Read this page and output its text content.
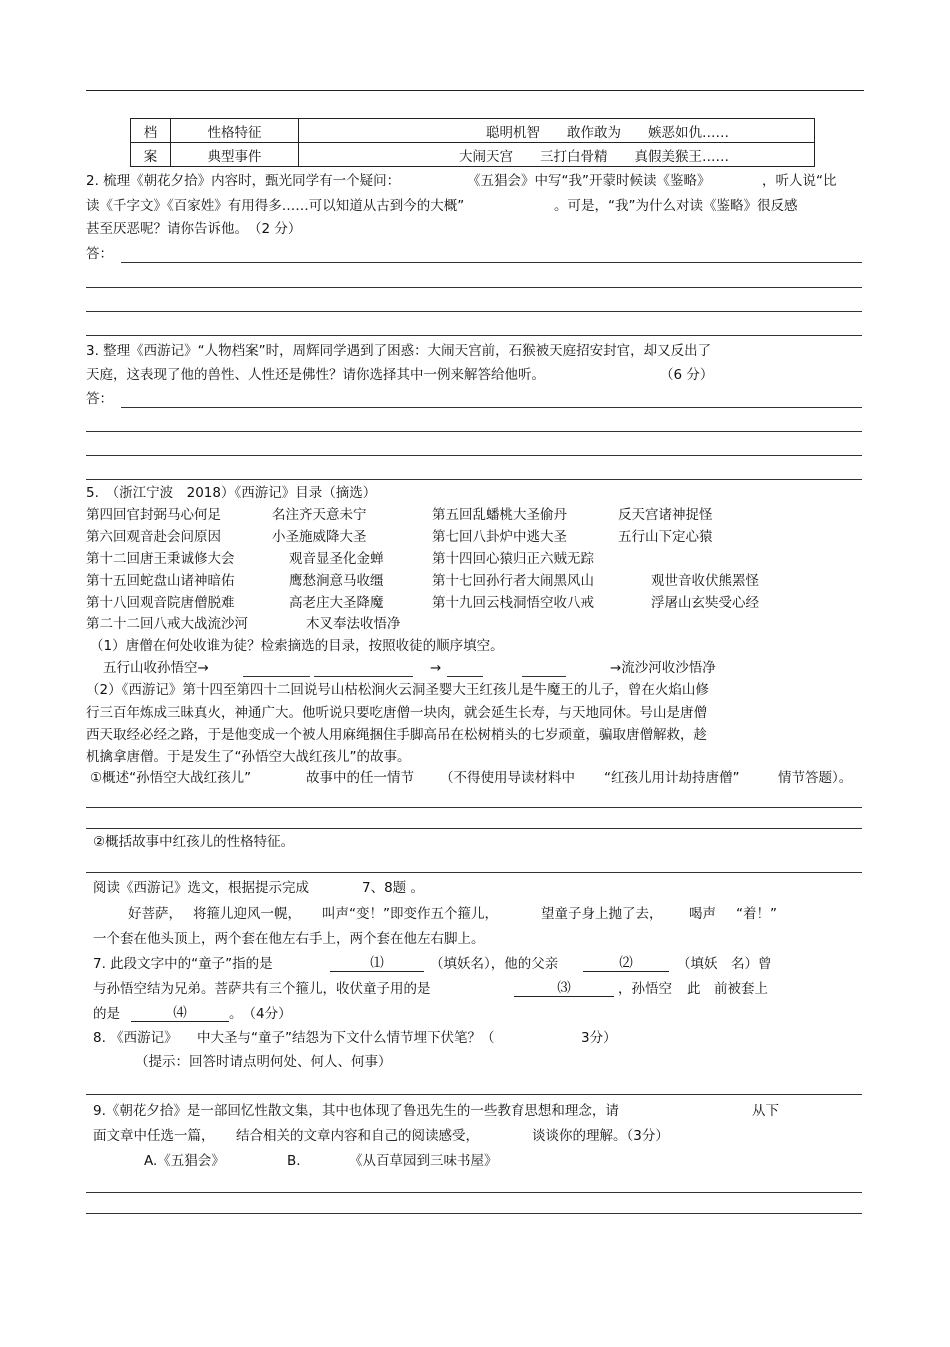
档	性格特征	聪明机智　　敢作敢为　　嫉恶如仇……
案	典型事件	大闹天宫　　三打白骨精　　真假美猴王……
2. 梳理《朝花夕拾》内容时，甄光同学有一个疑问：	《五猖会》中写“我”开蒙时候读《鉴略》	，听人说“比
读《千字文》《百家姓》有用得多……可以知道从古到今的大概”	。可是，“我”为什么对读《鉴略》很反感
甚至厌恶呢？请你告诉他。　（2 分）
答：
3. 整理《西游记》“人物档案”时，周辉同学遇到了困惑：大闹天宫前，石猴被天庭招安封官，却又反出了
天庭，这表现了他的兽性、人性还是佛性？请你选择其中一例来解答给他听。	（6 分）
答：
5.　（浙江宁波　2018）《西游记》目录（摘选）
第四回官封弼马心何足	名注齐天意未宁	第五回乱蟠桃大圣偷丹	反天宫诸神捉怪
第六回观音赴会问原因	小圣施威降大圣	第七回八卦炉中逃大圣	五行山下定心猿
第十二回唐王秉诚修大会	观音显圣化金蝉	第十四回心猿归正六贼无踪
第十五回蛇盘山诸神暗佑	鹰愁涧意马收缰	第十七回孙行者大闹黑风山	观世音收伏熊罴怪
第十八回观音院唐僧脱难	高老庄大圣降魔	第十九回云栈洞悟空收八戒	浮屠山玄奘受心经
第二十二回八戒大战流沙河	木叉奉法收悟净
（1）唐僧在何处收谁为徒？检索摘选的目录，按照收徒的顺序填空。
五行山收孙悟空→	→	→流沙河收沙悟净
（2）《西游记》第十四至第四十二回说号山枯松涧火云洞圣婴大王红孩儿是牛魔王的儿子，曾在火焰山修
行三百年炼成三昧真火，神通广大。他听说只要吃唐僧一块肉，就会延生长寿，与天地同休。号山是唐僧
西天取经必经之路，于是他变成一个被人用麻绳捆住手脚高吊在松树梢头的七岁顽童，骗取唐僧解救，趁
机擒拿唐僧。于是发生了“孙悟空大战红孩儿”的故事。
①概述“孙悟空大战红孩儿”	故事中的任一情节 （不得使用导读材料中 “红孩儿用计劫持唐僧”	情节答题）。
②概括故事中红孩儿的性格特征。
阅读《西游记》选文，根据提示完成	7、8题 。
好菩萨， 将箍儿迎风一幌， 叫声“变！”即变作五个箍儿，	望童子身上抛了去， 喝声 “着！”
一个套在他头顶上，两个套在他左右手上，两个套在他左右脚上。
7. 此段文字中的“童子”指的是	⑴	（填妖名），他的父亲	⑵	（填妖　名）曾
与孙悟空结为兄弟。菩萨共有三个箍儿，收伏童子用的是	⑶	，孙悟空 此　前被套上
的是	⑷	。　（4分）
8. 《西游记》 中大圣与“童子”结怨为下文什么情节埋下伏笔？（	3分）
（提示：回答时请点明何处、何人、何事）
9.《朝花夕拾》是一部回忆性散文集，其中也体现了鲁迅先生的一些教育思想和理念，请	从下
面文章中任选一篇， 结合相关的文章内容和自己的阅读感受，	谈谈你的理解。（3分）
A.《五猖会》	B.	《从百草园到三味书屋》
